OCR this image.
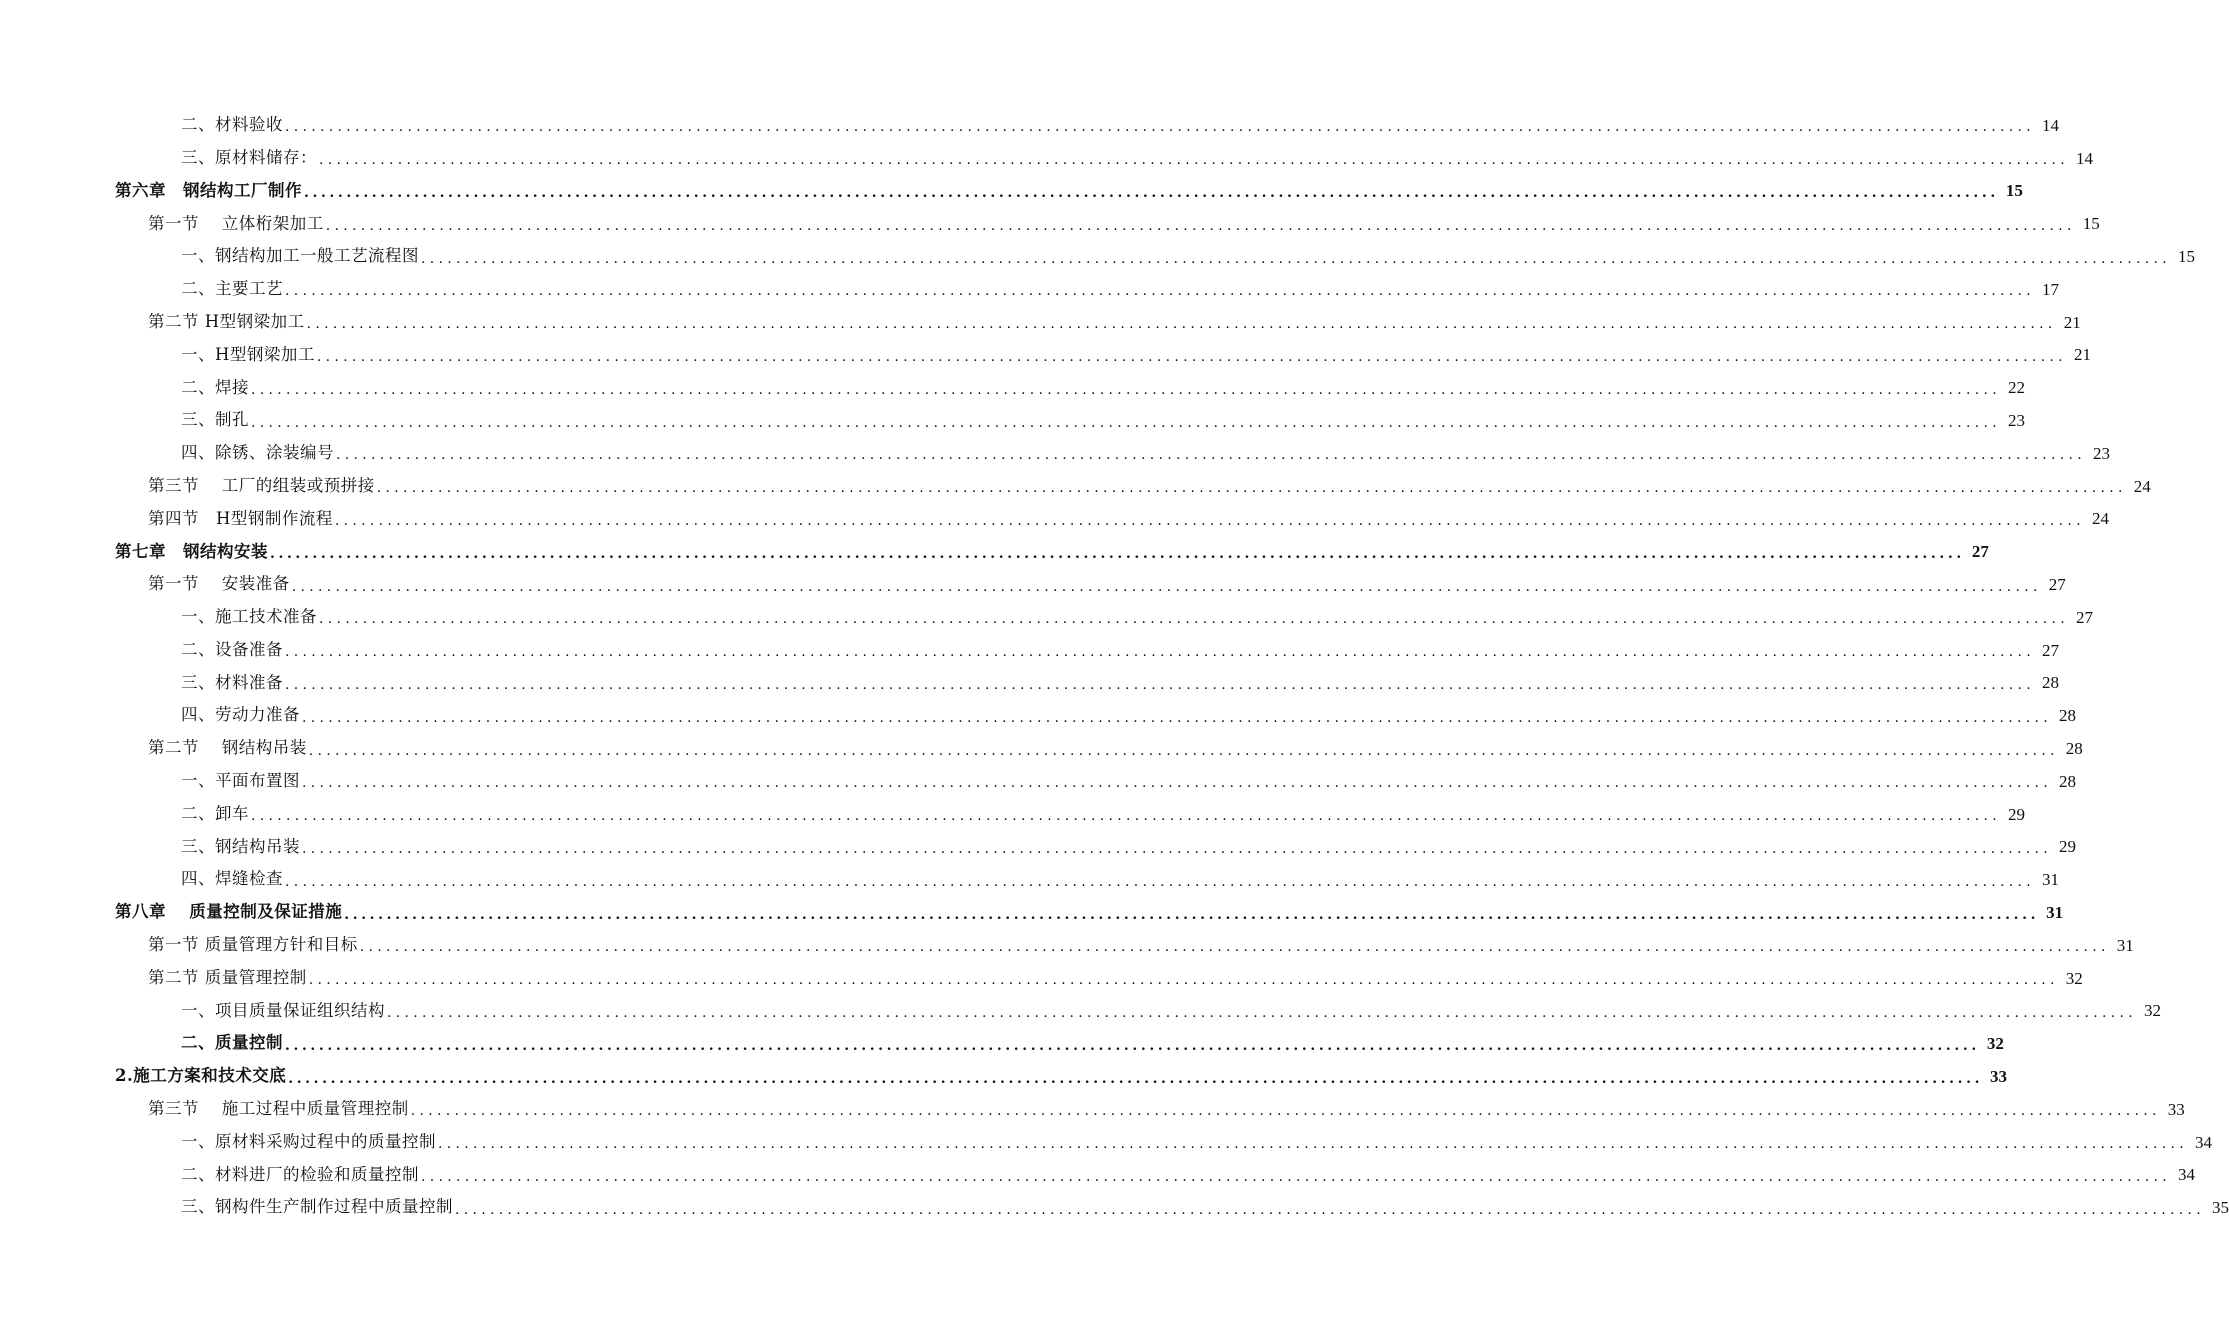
二、材料验收 ........................................................................................................................................................................................................ 14
三、原材料储存： ........................................................................................................................................................................................................ 14
第六章　钢结构工厂制作 ........................................................................................................................................................................................................ 15
第一节　 立体桁架加工 ........................................................................................................................................................................................................ 15
一、钢结构加工一般工艺流程图 ........................................................................................................................................................................................................ 15
二、主要工艺 ........................................................................................................................................................................................................ 17
第二节 H型钢梁加工 ........................................................................................................................................................................................................ 21
一、H型钢梁加工 ........................................................................................................................................................................................................ 21
二、焊接 ........................................................................................................................................................................................................ 22
三、制孔 ........................................................................................................................................................................................................ 23
四、除锈、涂装编号 ........................................................................................................................................................................................................ 23
第三节　 工厂的组装或预拼接 ........................................................................................................................................................................................................ 24
第四节　H型钢制作流程 ........................................................................................................................................................................................................ 24
第七章　钢结构安装 ........................................................................................................................................................................................................ 27
第一节　 安装准备 ........................................................................................................................................................................................................ 27
一、施工技术准备 ........................................................................................................................................................................................................ 27
二、设备准备 ........................................................................................................................................................................................................ 27
三、材料准备 ........................................................................................................................................................................................................ 28
四、劳动力准备 ........................................................................................................................................................................................................ 28
第二节　 钢结构吊装 ........................................................................................................................................................................................................ 28
一、平面布置图 ........................................................................................................................................................................................................ 28
二、卸车 ........................................................................................................................................................................................................ 29
三、钢结构吊装 ........................................................................................................................................................................................................ 29
四、焊缝检查 ........................................................................................................................................................................................................ 31
第八章　 质量控制及保证措施 ........................................................................................................................................................................................................ 31
第一节 质量管理方针和目标 ........................................................................................................................................................................................................ 31
第二节 质量管理控制 ........................................................................................................................................................................................................ 32
一、项目质量保证组织结构 ........................................................................................................................................................................................................ 32
二、质量控制 ........................................................................................................................................................................................................ 32
2.施工方案和技术交底 ........................................................................................................................................................................................................ 33
第三节　 施工过程中质量管理控制 ........................................................................................................................................................................................................ 33
一、原材料采购过程中的质量控制 ........................................................................................................................................................................................................ 34
二、材料进厂的检验和质量控制 ........................................................................................................................................................................................................ 34
三、钢构件生产制作过程中质量控制 ........................................................................................................................................................................................................ 35
